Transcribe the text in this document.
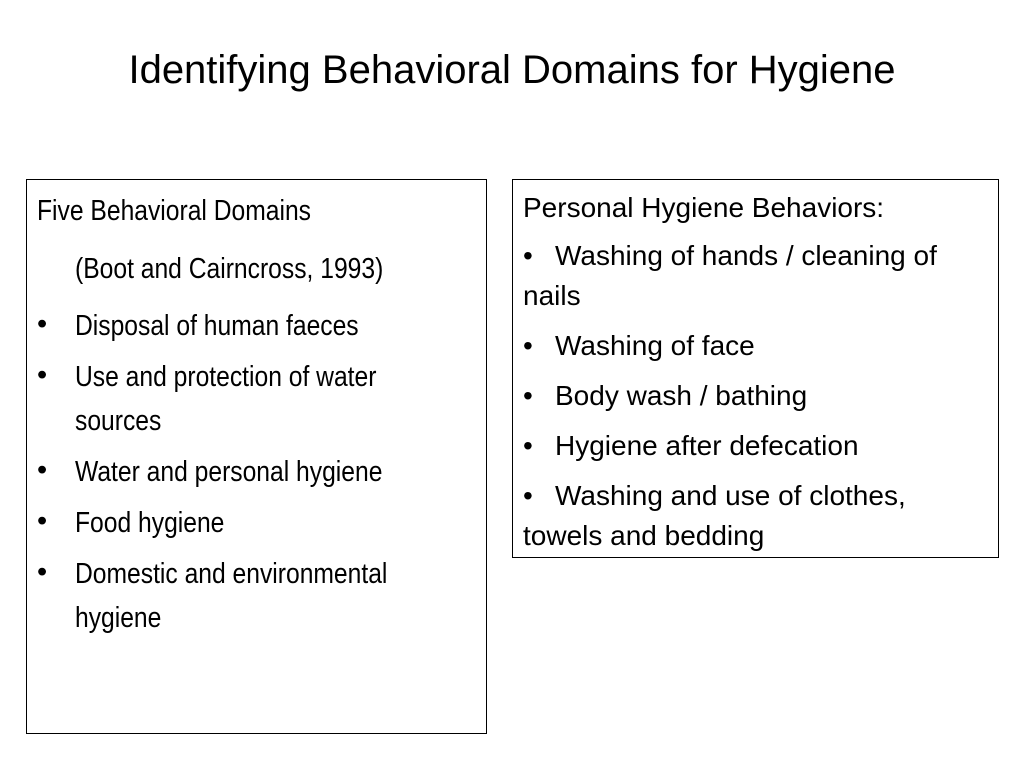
Identifying Behavioral Domains for Hygiene
Five Behavioral Domains
(Boot and Cairncross, 1993)
• Disposal of human faeces
• Use and protection of water
sources
• Water and personal hygiene
• Food hygiene
• Domestic and environmental
hygiene
Personal Hygiene Behaviors:
• Washing of hands / cleaning of nails
• Washing of face
• Body wash / bathing
• Hygiene after defecation
• Washing and use of clothes, towels and bedding
